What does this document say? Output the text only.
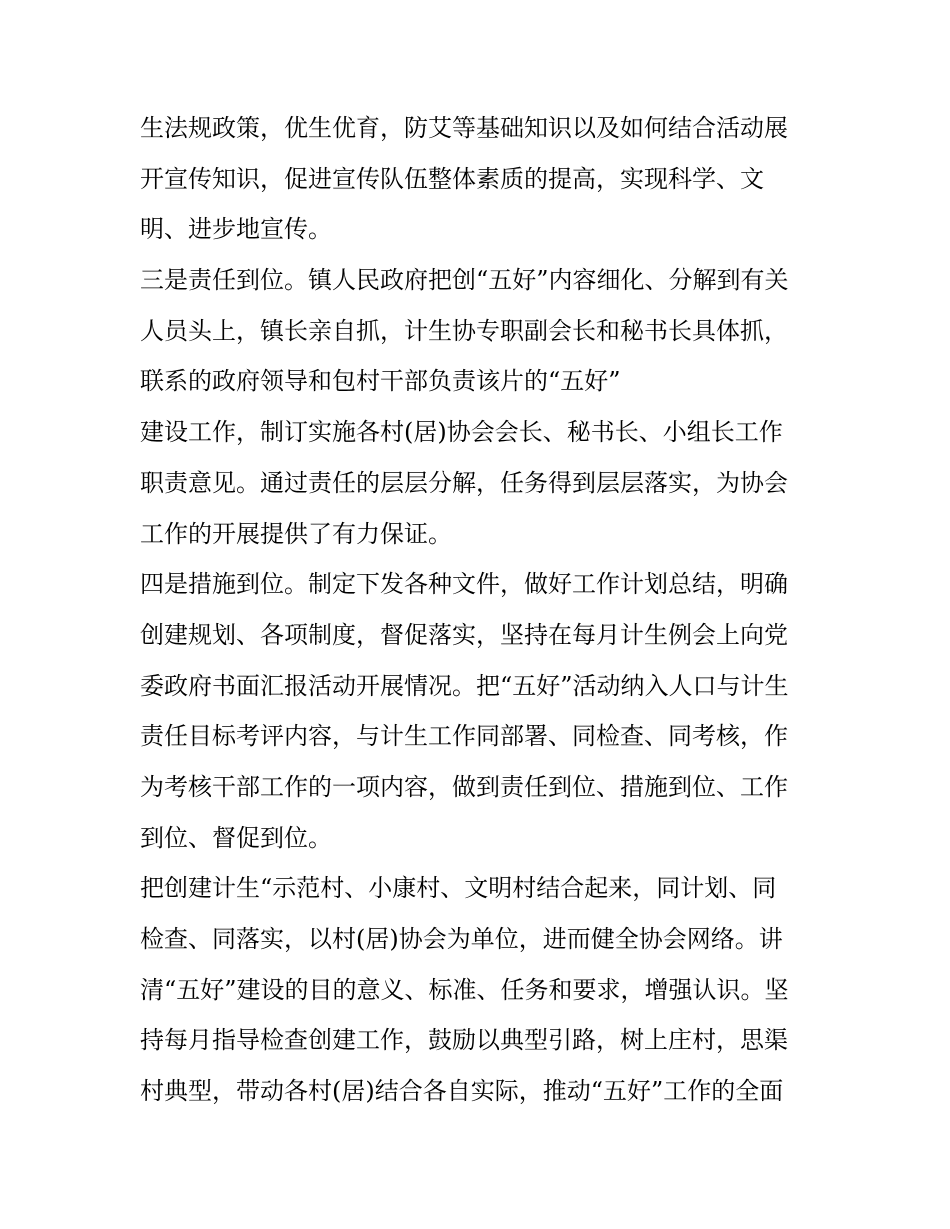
生法规政策，优生优育，防艾等基础知识以及如何结合活动展

开宣传知识，促进宣传队伍整体素质的提高，实现科学、文

明、进步地宣传。

三是责任到位。镇人民政府把创“五好”内容细化、分解到有关

人员头上，镇长亲自抓，计生协专职副会长和秘书长具体抓，

联系的政府领导和包村干部负责该片的“五好”

建设工作，制订实施各村(居)协会会长、秘书长、小组长工作

职责意见。通过责任的层层分解，任务得到层层落实，为协会

工作的开展提供了有力保证。

四是措施到位。制定下发各种文件，做好工作计划总结，明确

创建规划、各项制度，督促落实，坚持在每月计生例会上向党

委政府书面汇报活动开展情况。把“五好”活动纳入人口与计生

责任目标考评内容，与计生工作同部署、同检查、同考核，作

为考核干部工作的一项内容，做到责任到位、措施到位、工作

到位、督促到位。

把创建计生“示范村、小康村、文明村结合起来，同计划、同

检查、同落实，以村(居)协会为单位，进而健全协会网络。讲

清“五好”建设的目的意义、标准、任务和要求，增强认识。坚

持每月指导检查创建工作，鼓励以典型引路，树上庄村，思渠

村典型，带动各村(居)结合各自实际，推动“五好”工作的全面
